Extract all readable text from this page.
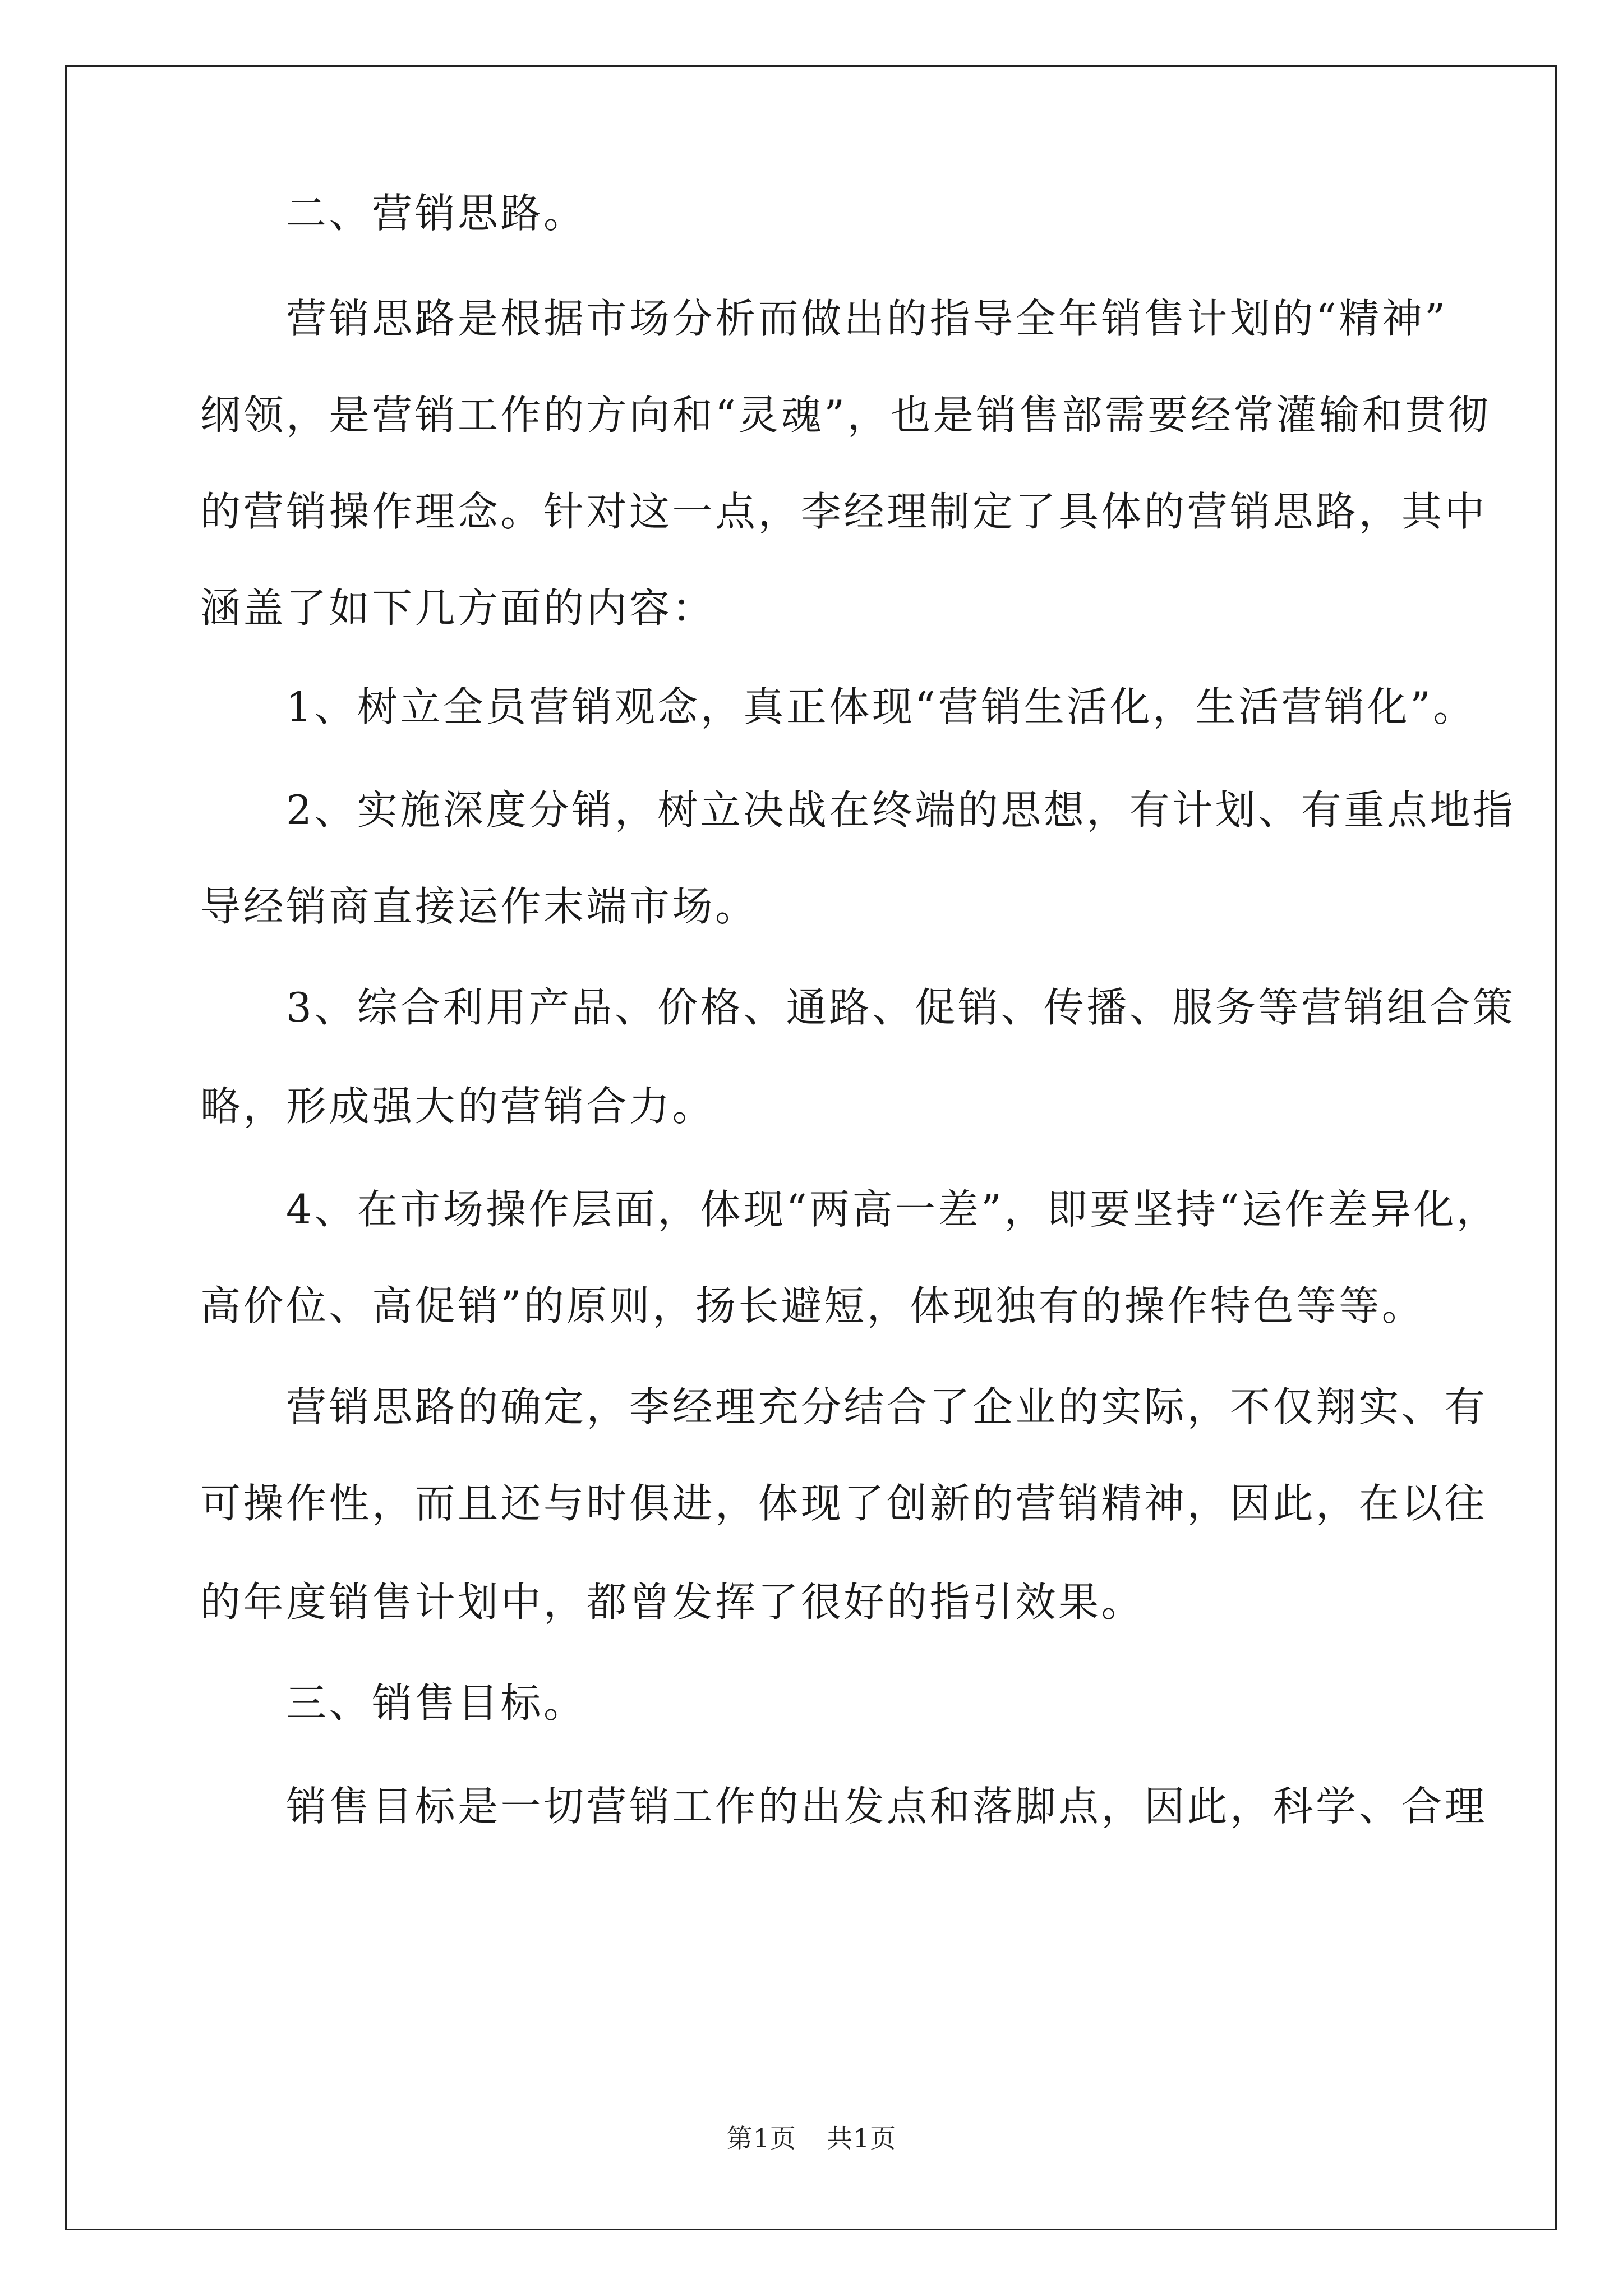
　　二、营销思路。
　　营销思路是根据市场分析而做出的指导全年销售计划的“精神”
纲领，是营销工作的方向和“灵魂”，也是销售部需要经常灌输和贯彻
的营销操作理念。针对这一点，李经理制定了具体的营销思路，其中
涵盖了如下几方面的内容：
　　1、树立全员营销观念，真正体现“营销生活化，生活营销化”。
　　2、实施深度分销，树立决战在终端的思想，有计划、有重点地指
导经销商直接运作末端市场。
　　3、综合利用产品、价格、通路、促销、传播、服务等营销组合策
略，形成强大的营销合力。
　　4、在市场操作层面，体现“两高一差”，即要坚持“运作差异化，
高价位、高促销”的原则，扬长避短，体现独有的操作特色等等。
　　营销思路的确定，李经理充分结合了企业的实际，不仅翔实、有
可操作性，而且还与时俱进，体现了创新的营销精神，因此，在以往
的年度销售计划中，都曾发挥了很好的指引效果。
　　三、销售目标。
　　销售目标是一切营销工作的出发点和落脚点，因此，科学、合理
第1页 共1页
